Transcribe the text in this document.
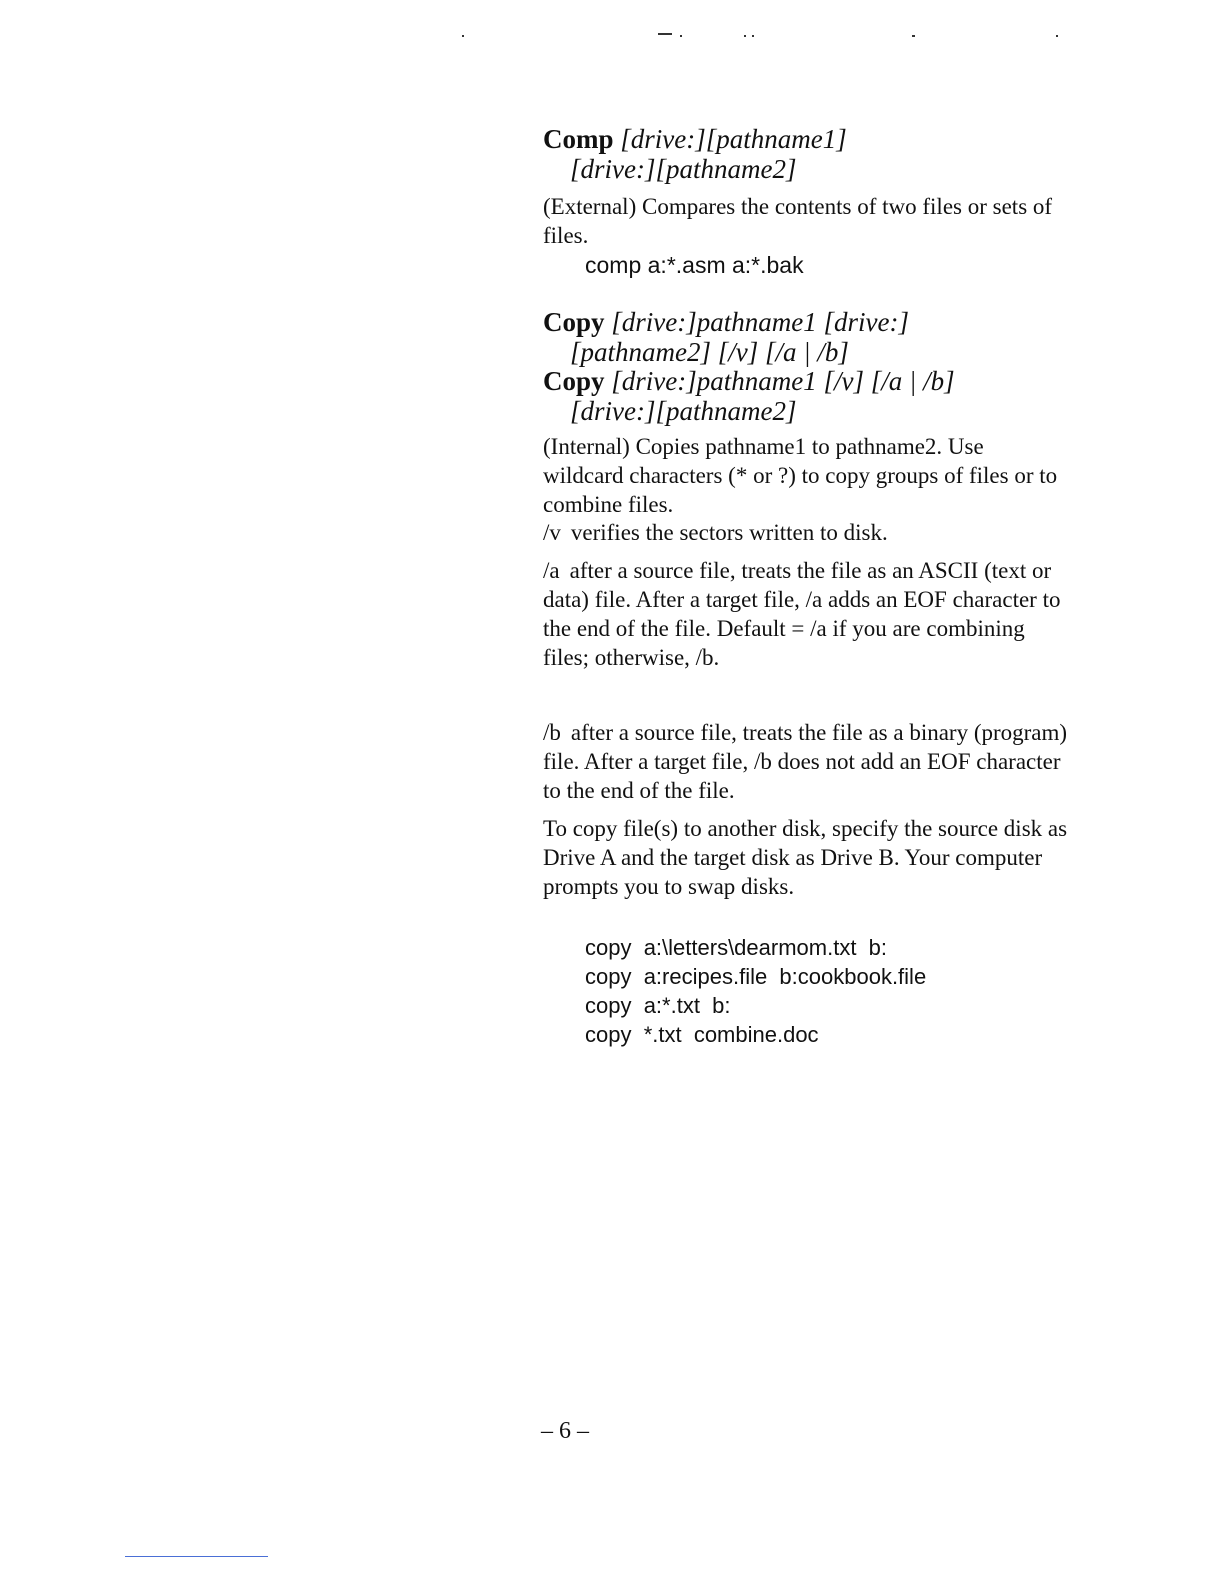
Comp [drive:][pathname1]
[drive:][pathname2]
(External) Compares the contents of two files or sets of files.
comp a:*.asm a:*.bak
Copy [drive:]pathname1 [drive:]
[pathname2] [/v] [/a | /b]
Copy [drive:]pathname1 [/v] [/a | /b]
[drive:][pathname2]
(Internal) Copies pathname1 to pathname2. Use wildcard characters (* or ?) to copy groups of files or to combine files.
/v verifies the sectors written to disk.
/a after a source file, treats the file as an ASCII (text or data) file. After a target file, /a adds an EOF character to the end of the file. Default = /a if you are combining files; otherwise, /b.
/b after a source file, treats the file as a binary (program) file. After a target file, /b does not add an EOF character to the end of the file.
To copy file(s) to another disk, specify the source disk as Drive A and the target disk as Drive B. Your computer prompts you to swap disks.
copy  a:\letters\dearmom.txt  b:
copy  a:recipes.file  b:cookbook.file
copy  a:*.txt  b:
copy  *.txt  combine.doc
– 6 –
